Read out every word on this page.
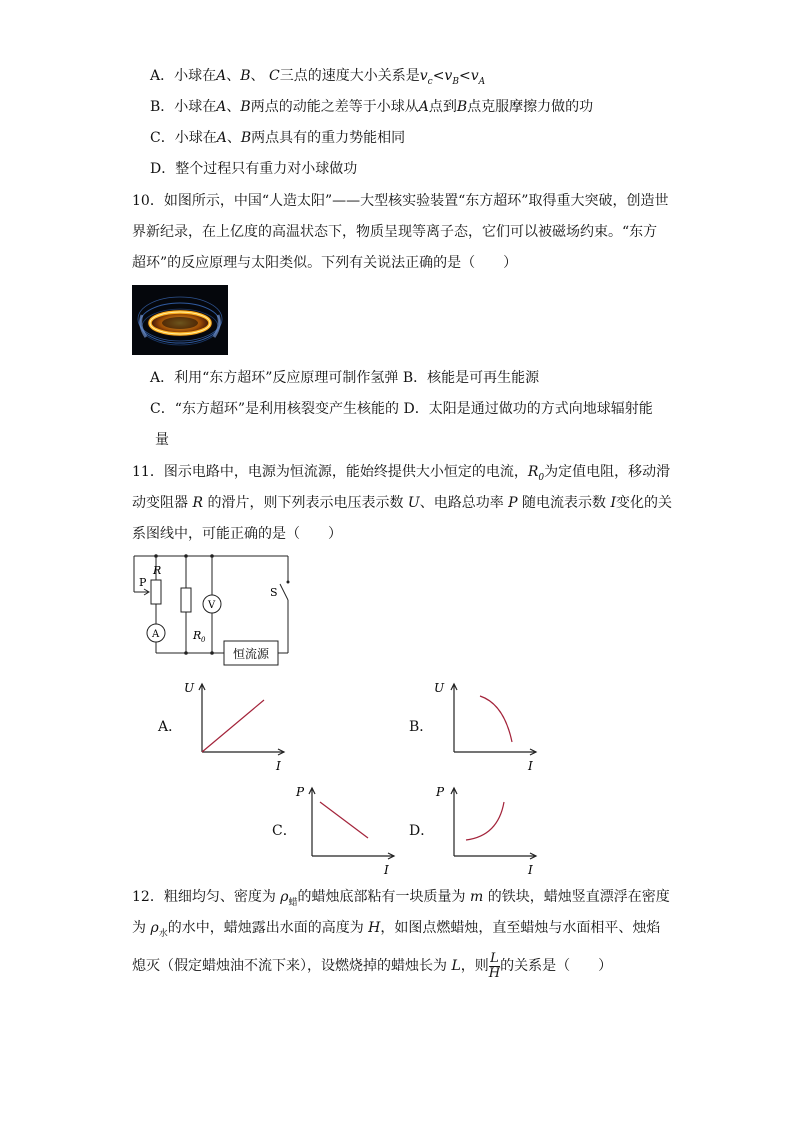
A．小球在A、B、 C三点的速度大小关系是$v_c<v_B<v_A$
B．小球在A、B两点的动能之差等于小球从A点到B点克服摩擦力做的功
C．小球在A、B两点具有的重力势能相同
D．整个过程只有重力对小球做功
10．如图所示，中国“人造太阳”——大型核实验装置“东方超环”取得重大突破，创造世
界新纪录，在上亿度的高温状态下，物质呈现等离子态，它们可以被磁场约束。“东方
超环”的反应原理与太阳类似。下列有关说法正确的是（　　）
A．利用“东方超环”反应原理可制作氢弹 B．核能是可再生能源
C．“东方超环”是利用核裂变产生核能的 D．太阳是通过做功的方式向地球辐射能
量
11．图示电路中，电源为恒流源，能始终提供大小恒定的电流，$R_0$为定值电阻，移动滑
动变阻器 R 的滑片，则下列表示电压表示数 U、电路总功率 P 随电流表示数 I变化的关
系图线中，可能正确的是（　　）
R
P
A
V
R 0
S
恒流源
A．
U
I
B．
U
I
C．
P
I
D．
P
I
12．粗细均匀、密度为 $\rho_蜡$的蜡烛底部粘有一块质量为 m 的铁块，蜡烛竖直漂浮在密度
为 $\rho_水$的水中，蜡烛露出水面的高度为 H，如图点燃蜡烛，直至蜡烛与水面相平、烛焰
熄灭（假定蜡烛油不流下来），设燃烧掉的蜡烛长为 L，则 $\frac{L}{H}$ 的关系是（　　）
